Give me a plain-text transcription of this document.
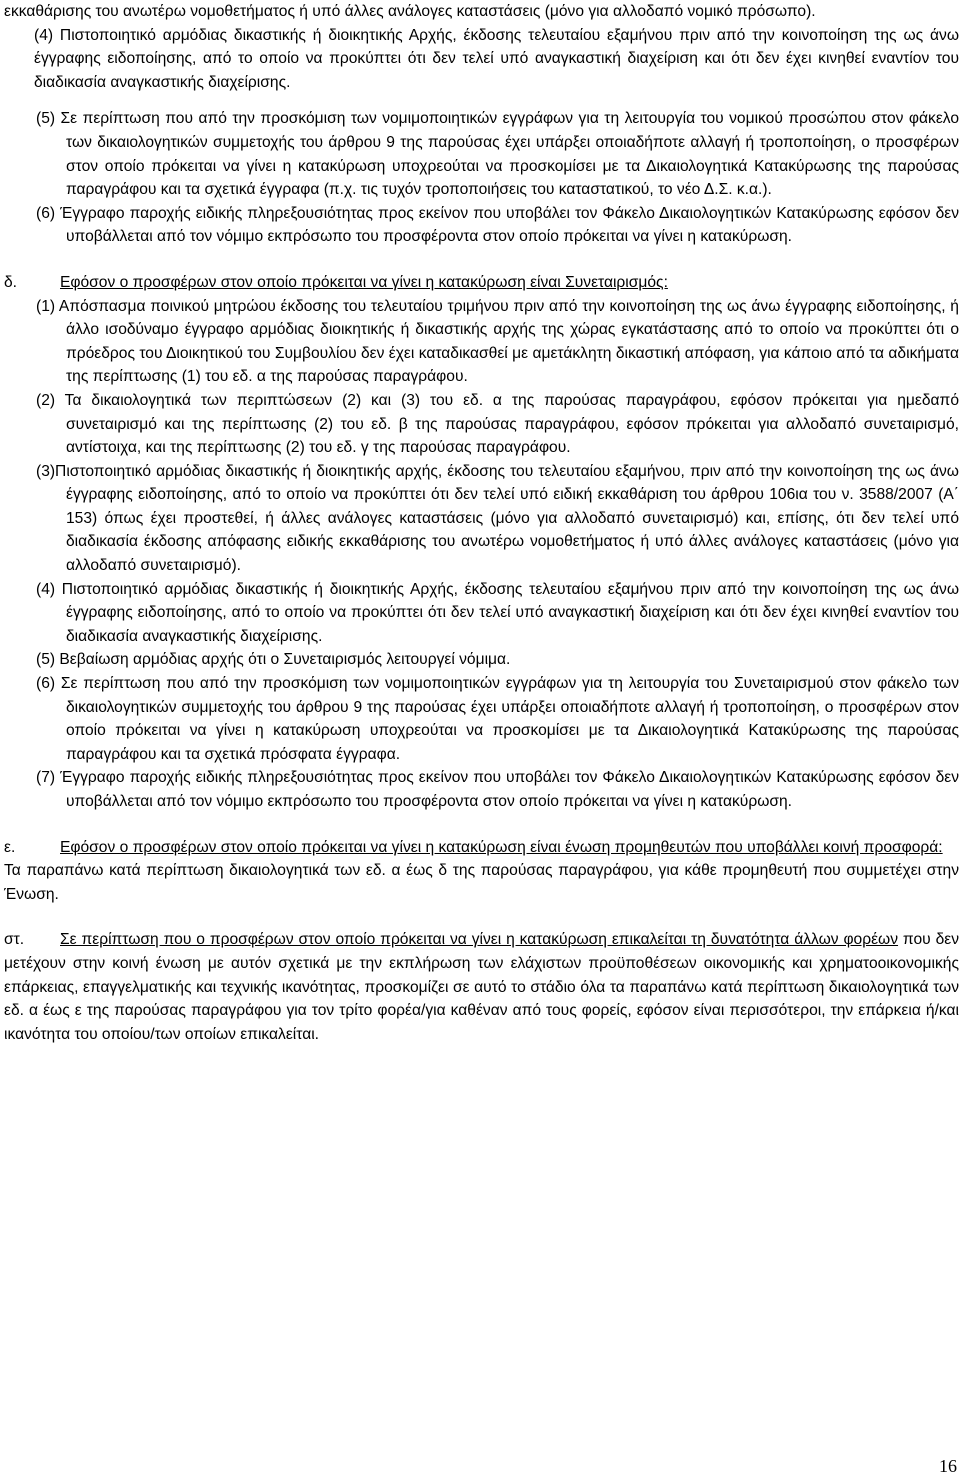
εκκαθάρισης του ανωτέρω νομοθετήματος ή υπό άλλες ανάλογες καταστάσεις (μόνο για αλλοδαπό νομικό πρόσωπο).

(4) Πιστοποιητικό αρμόδιας δικαστικής ή διοικητικής Αρχής, έκδοσης τελευταίου εξαμήνου πριν από την κοινοποίηση της ως άνω έγγραφης ειδοποίησης, από το οποίο να προκύπτει ότι δεν τελεί υπό αναγκαστική διαχείριση και ότι δεν έχει κινηθεί εναντίον του διαδικασία αναγκαστικής διαχείρισης.

(5) Σε περίπτωση που από την προσκόμιση των νομιμοποιητικών εγγράφων για τη λειτουργία του νομικού προσώπου στον φάκελο των δικαιολογητικών συμμετοχής του άρθρου 9 της παρούσας έχει υπάρξει οποιαδήποτε αλλαγή ή τροποποίηση, ο προσφέρων στον οποίο πρόκειται να γίνει η κατακύρωση υποχρεούται να προσκομίσει με τα Δικαιολογητικά Κατακύρωσης της παρούσας παραγράφου και τα σχετικά έγγραφα (π.χ. τις τυχόν τροποποιήσεις του καταστατικού, το νέο Δ.Σ. κ.α.).

(6) Έγγραφο παροχής ειδικής πληρεξουσιότητας προς εκείνον που υποβάλει τον Φάκελο Δικαιολογητικών Κατακύρωσης εφόσον δεν υποβάλλεται από τον νόμιμο εκπρόσωπο του προσφέροντα στον οποίο πρόκειται να γίνει η κατακύρωση.

δ.	Εφόσον ο προσφέρων στον οποίο πρόκειται να γίνει η κατακύρωση είναι Συνεταιρισμός:

(1) Απόσπασμα ποινικού μητρώου έκδοσης του τελευταίου τριμήνου πριν από την κοινοποίηση της ως άνω έγγραφης ειδοποίησης, ή άλλο ισοδύναμο έγγραφο αρμόδιας διοικητικής ή δικαστικής αρχής της χώρας εγκατάστασης από το οποίο να προκύπτει ότι ο πρόεδρος του Διοικητικού του Συμβουλίου δεν έχει καταδικασθεί με αμετάκλητη δικαστική απόφαση, για κάποιο από τα αδικήματα της περίπτωσης (1) του εδ. α της παρούσας παραγράφου.

(2) Τα δικαιολογητικά των περιπτώσεων (2) και (3) του εδ. α της παρούσας παραγράφου, εφόσον πρόκειται για ημεδαπό συνεταιρισμό και της περίπτωσης (2) του εδ. β της παρούσας παραγράφου, εφόσον πρόκειται για αλλοδαπό συνεταιρισμό, αντίστοιχα, και της περίπτωσης (2) του εδ. γ της παρούσας παραγράφου.

(3)Πιστοποιητικό αρμόδιας δικαστικής ή διοικητικής αρχής, έκδοσης του τελευταίου εξαμήνου, πριν από την κοινοποίηση της ως άνω έγγραφης ειδοποίησης, από το οποίο να προκύπτει ότι δεν τελεί υπό ειδική εκκαθάριση του άρθρου 106ια του ν. 3588/2007 (Α΄ 153) όπως έχει προστεθεί, ή άλλες ανάλογες καταστάσεις (μόνο για αλλοδαπό συνεταιρισμό) και, επίσης, ότι δεν τελεί υπό διαδικασία έκδοσης απόφασης ειδικής εκκαθάρισης του ανωτέρω νομοθετήματος ή υπό άλλες ανάλογες καταστάσεις (μόνο για αλλοδαπό συνεταιρισμό).

(4) Πιστοποιητικό αρμόδιας δικαστικής ή διοικητικής Αρχής, έκδοσης τελευταίου εξαμήνου πριν από την κοινοποίηση της ως άνω έγγραφης ειδοποίησης, από το οποίο να προκύπτει ότι δεν τελεί υπό αναγκαστική διαχείριση και ότι δεν έχει κινηθεί εναντίον του διαδικασία αναγκαστικής διαχείρισης.

(5) Βεβαίωση αρμόδιας αρχής ότι ο Συνεταιρισμός λειτουργεί νόμιμα.

(6) Σε περίπτωση που από την προσκόμιση των νομιμοποιητικών εγγράφων για τη λειτουργία του Συνεταιρισμού στον φάκελο των δικαιολογητικών συμμετοχής του άρθρου 9 της παρούσας έχει υπάρξει οποιαδήποτε αλλαγή ή τροποποίηση, ο προσφέρων στον οποίο πρόκειται να γίνει η κατακύρωση υποχρεούται να προσκομίσει με τα Δικαιολογητικά Κατακύρωσης της παρούσας παραγράφου και τα σχετικά πρόσφατα έγγραφα.

(7) Έγγραφο παροχής ειδικής πληρεξουσιότητας προς εκείνον που υποβάλει τον Φάκελο Δικαιολογητικών Κατακύρωσης εφόσον δεν υποβάλλεται από τον νόμιμο εκπρόσωπο του προσφέροντα στον οποίο πρόκειται να γίνει η κατακύρωση.

ε.	Εφόσον ο προσφέρων στον οποίο πρόκειται να γίνει η κατακύρωση είναι ένωση προμηθευτών που υποβάλλει κοινή προσφορά:

Τα παραπάνω κατά περίπτωση δικαιολογητικά των εδ. α έως δ της παρούσας παραγράφου, για κάθε προμηθευτή που συμμετέχει στην Ένωση.

στ. Σε περίπτωση που ο προσφέρων στον οποίο πρόκειται να γίνει η κατακύρωση επικαλείται τη δυνατότητα άλλων φορέων που δεν μετέχουν στην κοινή ένωση με αυτόν σχετικά με την εκπλήρωση των ελάχιστων προϋποθέσεων οικονομικής και χρηματοοικονομικής επάρκειας, επαγγελματικής και τεχνικής ικανότητας, προσκομίζει σε αυτό το στάδιο όλα τα παραπάνω κατά περίπτωση δικαιολογητικά των εδ. α έως ε της παρούσας παραγράφου για τον τρίτο φορέα/για καθέναν από τους φορείς, εφόσον είναι περισσότεροι, την επάρκεια ή/και ικανότητα του οποίου/των οποίων επικαλείται.

16
